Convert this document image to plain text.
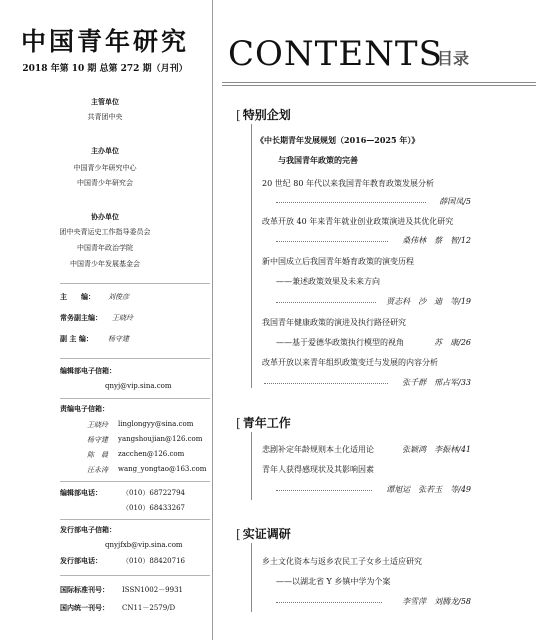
中国青年研究
2018 年第 10 期 总第 272 期（月刊）
主管单位
共青团中央
主办单位
中国青少年研究中心
中国青少年研究会
协办单位
团中央青运史工作指导委员会
中国青年政治学院
中国青少年发展基金会
主　　编： 刘俊彦
常务副主编： 王晓玲
副 主 编： 杨守建
编辑部电子信箱：
qnyj@vip.sina.com
责编电子信箱：
王晓玲 linglongyy@sina.com
杨守建 yangshoujian@126.com
陈　晨 zacchen@126.com
汪永涛 wang_yongtao@163.com
编辑部电话：	（010）68722794
（010）68433267
发行部电子信箱：
qnyjfxb@vip.sina.com
发行部电话：	（010）88420716
国际标准刊号： ISSN1002－9931
国内统一刊号： CN11－2579/D
CONTENTS
目录
[ 特别企划
《中长期青年发展规划（2016—2025 年）》
　　与我国青年政策的完善
20 世纪 80 年代以来我国青年教育政策发展分析
薛国凤/5
改革开放 40 年来青年就业创业政策演进及其优化研究
桑伟林　蔡　智/12
新中国成立后我国青年婚育政策的演变历程
——兼述政策效果及未来方向
贾志科　沙　迪　等/19
我国青年健康政策的演进及执行路径研究
——基于爱德华政策执行模型的视角	苏　康/26
改革开放以来青年组织政策变迁与发展的内容分析
张千群　邢占军/33
[ 青年工作
悲剧补定年龄规则本土化适用论	张颖鸿　李振林/41
青年人获得感现状及其影响因素
谭旭运　张若玉　等/49
[ 实证调研
乡土文化资本与返乡农民工子女乡土适应研究
——以湖北省 Y 乡镇中学为个案
李雪萍　刘腾龙/58
